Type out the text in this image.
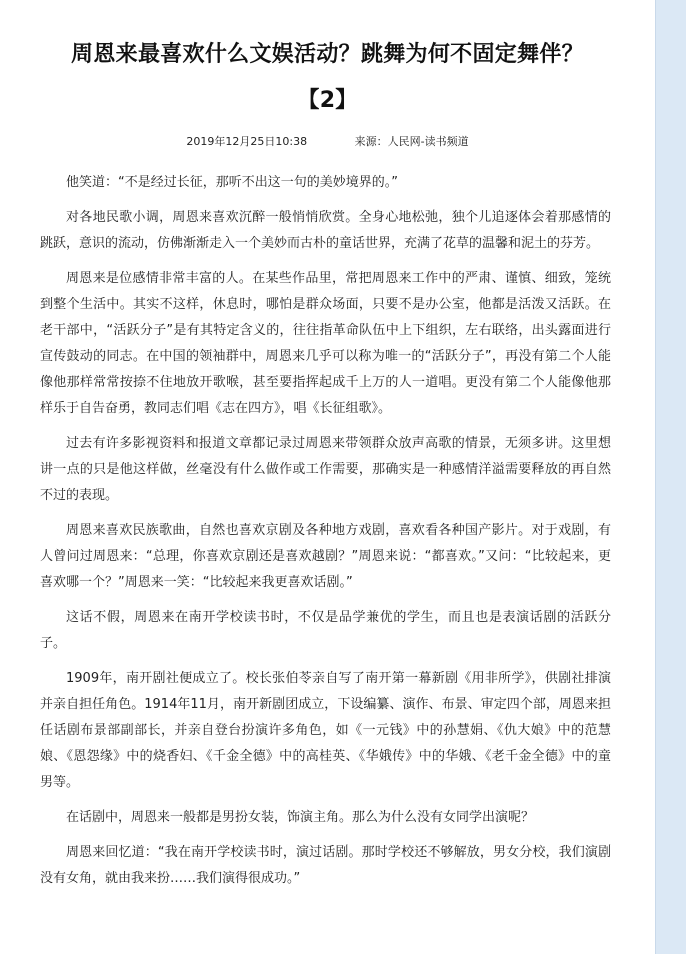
周恩来最喜欢什么文娱活动？跳舞为何不固定舞伴？
【2】
2019年12月25日10:38	来源：人民网-读书频道

他笑道：“不是经过长征，那听不出这一句的美妙境界的。”

对各地民歌小调，周恩来喜欢沉醉一般悄悄欣赏。全身心地松弛，独个儿追逐体会着那感情的跳跃，意识的流动，仿佛渐渐走入一个美妙而古朴的童话世界，充满了花草的温馨和泥土的芬芳。

周恩来是位感情非常丰富的人。在某些作品里，常把周恩来工作中的严肃、谨慎、细致，笼统到整个生活中。其实不这样，休息时，哪怕是群众场面，只要不是办公室，他都是活泼又活跃。在老干部中，“活跃分子”是有其特定含义的，往往指革命队伍中上下组织，左右联络，出头露面进行宣传鼓动的同志。在中国的领袖群中，周恩来几乎可以称为唯一的“活跃分子”，再没有第二个人能像他那样常常按捺不住地放开歌喉，甚至要指挥起成千上万的人一道唱。更没有第二个人能像他那样乐于自告奋勇，教同志们唱《志在四方》，唱《长征组歌》。

过去有许多影视资料和报道文章都记录过周恩来带领群众放声高歌的情景，无须多讲。这里想讲一点的只是他这样做，丝毫没有什么做作或工作需要，那确实是一种感情洋溢需要释放的再自然不过的表现。

周恩来喜欢民族歌曲，自然也喜欢京剧及各种地方戏剧，喜欢看各种国产影片。对于戏剧，有人曾问过周恩来：“总理，你喜欢京剧还是喜欢越剧？”周恩来说：“都喜欢。”又问：“比较起来，更喜欢哪一个？”周恩来一笑：“比较起来我更喜欢话剧。”

这话不假，周恩来在南开学校读书时，不仅是品学兼优的学生，而且也是表演话剧的活跃分子。

1909年，南开剧社便成立了。校长张伯苓亲自写了南开第一幕新剧《用非所学》，供剧社排演并亲自担任角色。1914年11月，南开新剧团成立，下设编纂、演作、布景、审定四个部，周恩来担任话剧布景部副部长，并亲自登台扮演许多角色，如《一元钱》中的孙慧娟、《仇大娘》中的范慧娘、《恩怨缘》中的烧香妇、《千金全德》中的高桂英、《华娥传》中的华娥、《老千金全德》中的童男等。

在话剧中，周恩来一般都是男扮女装，饰演主角。那么为什么没有女同学出演呢？

周恩来回忆道：“我在南开学校读书时，演过话剧。那时学校还不够解放，男女分校，我们演剧没有女角，就由我来扮……我们演得很成功。”
